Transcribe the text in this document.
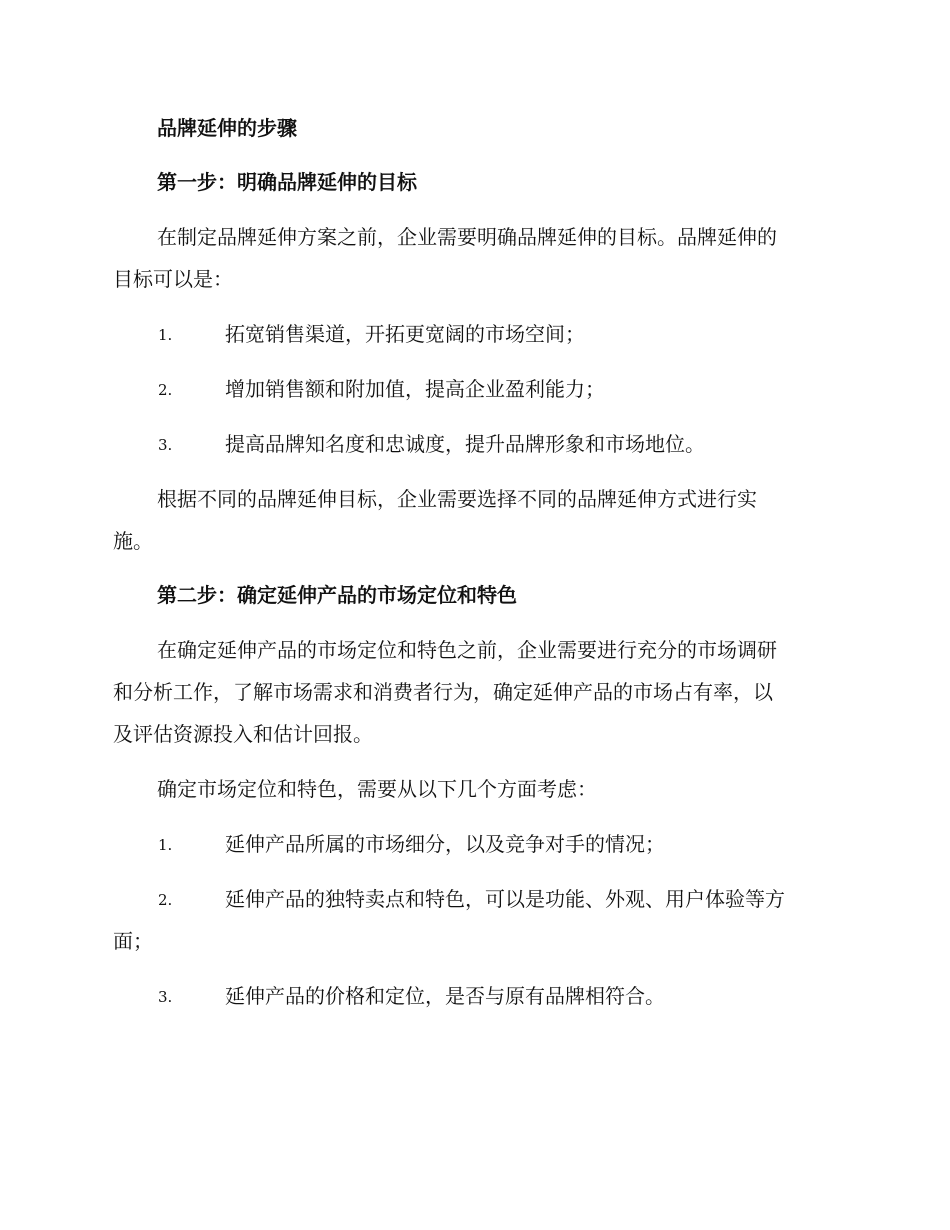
品牌延伸的步骤
第一步：明确品牌延伸的目标
在制定品牌延伸方案之前，企业需要明确品牌延伸的目标。品牌延伸的
目标可以是：
1.	拓宽销售渠道，开拓更宽阔的市场空间；
2.	增加销售额和附加值，提高企业盈利能力；
3.	提高品牌知名度和忠诚度，提升品牌形象和市场地位。
根据不同的品牌延伸目标，企业需要选择不同的品牌延伸方式进行实
施。
第二步：确定延伸产品的市场定位和特色
在确定延伸产品的市场定位和特色之前，企业需要进行充分的市场调研
和分析工作，了解市场需求和消费者行为，确定延伸产品的市场占有率，以
及评估资源投入和估计回报。
确定市场定位和特色，需要从以下几个方面考虑：
1.	延伸产品所属的市场细分，以及竞争对手的情况；
2.	延伸产品的独特卖点和特色，可以是功能、外观、用户体验等方
面；
3.	延伸产品的价格和定位，是否与原有品牌相符合。
